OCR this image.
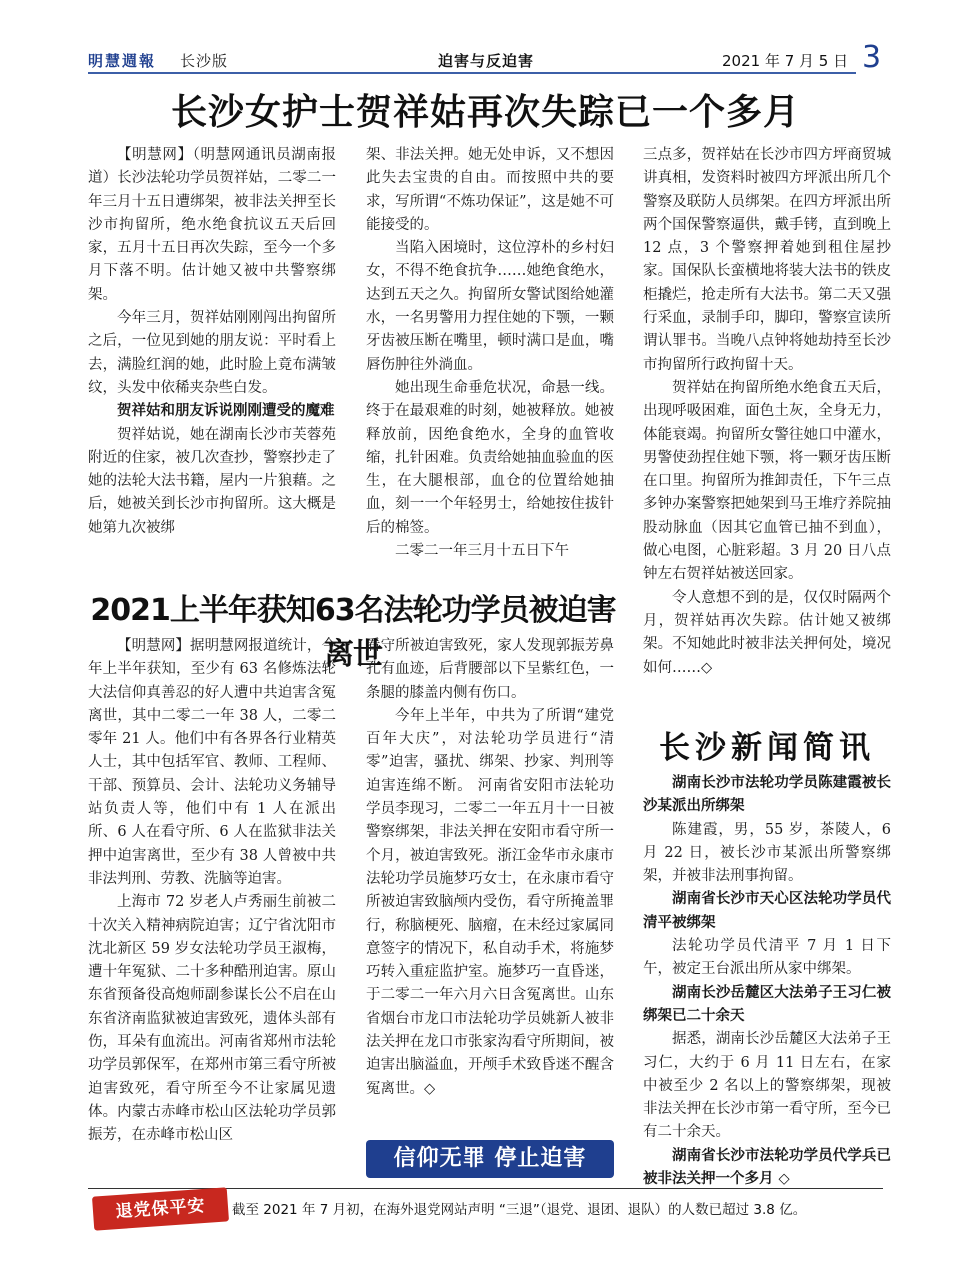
明慧週報 长沙版	迫害与反迫害	2021 年 7 月 5 日 3
长沙女护士贺祥姑再次失踪已一个多月

【明慧网】（明慧网通讯员湖南报道）长沙法轮功学员贺祥姑，二零二一年三月十五日遭绑架，被非法关押至长沙市拘留所，绝水绝食抗议五天后回家，五月十五日再次失踪，至今一个多月下落不明。估计她又被中共警察绑架。

今年三月，贺祥姑刚刚闯出拘留所之后，一位见到她的朋友说：平时看上去，满脸红润的她，此时脸上竟布满皱纹，头发中依稀夹杂些白发。

贺祥姑和朋友诉说刚刚遭受的魔难

贺祥姑说，她在湖南长沙市芙蓉苑附近的住家，被几次查抄，警察抄走了她的法轮大法书籍，屋内一片狼藉。之后，她被关到长沙市拘留所。这大概是她第九次被绑

架、非法关押。她无处申诉，又不想因此失去宝贵的自由。而按照中共的要求，写所谓“不炼功保证”，这是她不可能接受的。

当陷入困境时，这位淳朴的乡村妇女，不得不绝食抗争……她绝食绝水，达到五天之久。拘留所女警试图给她灌水，一名男警用力捏住她的下颚，一颗牙齿被压断在嘴里，顿时满口是血，嘴唇伤肿往外淌血。

她出现生命垂危状况，命悬一线。终于在最艰难的时刻，她被释放。她被释放前，因绝食绝水，全身的血管收缩，扎针困难。负责给她抽血验血的医生，在大腿根部，血仓的位置给她抽血，刻一一个年轻男士，给她按住拔针后的棉签。

二零二一年三月十五日下午

三点多，贺祥姑在长沙市四方坪商贸城讲真相，发资料时被四方坪派出所几个警察及联防人员绑架。在四方坪派出所两个国保警察逼供，戴手铐，直到晚上 12 点，3 个警察押着她到租住屋抄家。国保队长蛮横地将装大法书的铁皮柜撬烂，抢走所有大法书。第二天又强行采血，录制手印，脚印，警察宣读所谓认罪书。当晚八点钟将她劫持至长沙市拘留所行政拘留十天。

贺祥姑在拘留所绝水绝食五天后，出现呼吸困难，面色土灰，全身无力，体能衰竭。拘留所女警往她口中灌水，男警使劲捏住她下颚，将一颗牙齿压断在口里。拘留所为推卸责任，下午三点多钟办案警察把她架到马王堆疗养院抽股动脉血（因其它血管已抽不到血），做心电图，心脏彩超。3 月 20 日八点钟左右贺祥姑被送回家。

令人意想不到的是，仅仅时隔两个月，贺祥姑再次失踪。估计她又被绑架。不知她此时被非法关押何处，境况如何……◇

2021上半年获知63名法轮功学员被迫害离世

【明慧网】据明慧网报道统计，今年上半年获知，至少有 63 名修炼法轮大法信仰真善忍的好人遭中共迫害含冤离世，其中二零二一年 38 人，二零二零年 21 人。他们中有各界各行业精英人士，其中包括军官、教师、工程师、干部、预算员、会计、法轮功义务辅导站负责人等，他们中有 1 人在派出所、6 人在看守所、6 人在监狱非法关押中迫害离世，至少有 38 人曾被中共非法判刑、劳教、洗脑等迫害。

上海市 72 岁老人卢秀丽生前被二十次关入精神病院迫害；辽宁省沈阳市沈北新区 59 岁女法轮功学员王淑梅，遭十年冤狱、二十多种酷刑迫害。原山东省预备役高炮师副参谋长公不启在山东省济南监狱被迫害致死，遗体头部有伤，耳朵有血流出。河南省郑州市法轮功学员郭保军，在郑州市第三看守所被迫害致死，看守所至今不让家属见遗体。内蒙古赤峰市松山区法轮功学员郭振芳，在赤峰市松山区

看守所被迫害致死，家人发现郭振芳鼻孔有血迹，后背腰部以下呈紫红色，一条腿的膝盖内侧有伤口。

今年上半年，中共为了所谓“建党百年大庆”，对法轮功学员进行“清零”迫害，骚扰、绑架、抄家、判刑等迫害连绵不断。 河南省安阳市法轮功学员李现习，二零二一年五月十一日被警察绑架，非法关押在安阳市看守所一个月，被迫害致死。浙江金华市永康市法轮功学员施梦巧女士，在永康市看守所被迫害致脑颅内受伤，看守所掩盖罪行，称脑梗死、脑瘤，在未经过家属同意签字的情况下，私自动手术，将施梦巧转入重症监护室。施梦巧一直昏迷，于二零二一年六月六日含冤离世。山东省烟台市龙口市法轮功学员姚新人被非法关押在龙口市张家沟看守所期间，被迫害出脑溢血，开颅手术致昏迷不醒含冤离世。◇

信仰无罪 停止迫害
长沙新闻简讯

湖南长沙市法轮功学员陈建霞被长沙某派出所绑架

陈建霞，男，55 岁，茶陵人，6 月 22 日，被长沙市某派出所警察绑架，并被非法刑事拘留。

湖南省长沙市天心区法轮功学员代清平被绑架

法轮功学员代清平 7 月 1 日下午，被定王台派出所从家中绑架。

湖南长沙岳麓区大法弟子王习仁被绑架已二十余天

据悉，湖南长沙岳麓区大法弟子王习仁，大约于 6 月 11 日左右，在家中被至少 2 名以上的警察绑架，现被非法关押在长沙市第一看守所，至今已有二十余天。

湖南省长沙市法轮功学员代学兵已被非法关押一个多月 ◇

退党保平安	截至 2021 年 7 月初，在海外退党网站声明 “三退”（退党、退团、退队）的人数已超过 3.8 亿。
